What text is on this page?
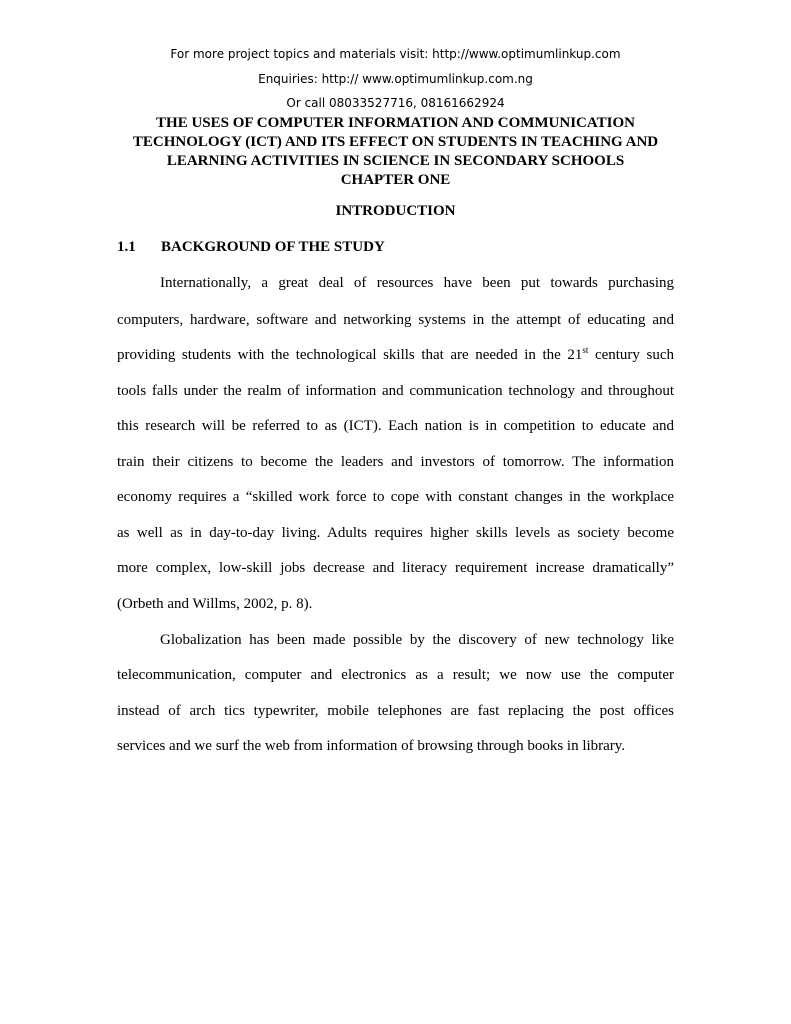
For more project topics and materials visit: http://www.optimumlinkup.com
Enquiries: http:// www.optimumlinkup.com.ng
Or call 08033527716, 08161662924
THE USES OF COMPUTER INFORMATION AND COMMUNICATION
TECHNOLOGY (ICT) AND ITS EFFECT ON STUDENTS IN TEACHING AND
LEARNING ACTIVITIES IN SCIENCE IN SECONDARY SCHOOLS
CHAPTER ONE
INTRODUCTION
1.1 BACKGROUND OF THE STUDY
Internationally, a great deal of resources have been put towards purchasing
computers, hardware, software and networking systems in the attempt of educating and
providing students with the technological skills that are needed in the 21st century such
tools falls under the realm of information and communication technology and throughout
this research will be referred to as (ICT). Each nation is in competition to educate and
train their citizens to become the leaders and investors of tomorrow. The information
economy requires a “skilled work force to cope with constant changes in the workplace
as well as in day-to-day living. Adults requires higher skills levels as society become
more complex, low-skill jobs decrease and literacy requirement increase dramatically”
(Orbeth and Willms, 2002, p. 8).
Globalization has been made possible by the discovery of new technology like
telecommunication, computer and electronics as a result; we now use the computer
instead of arch tics typewriter, mobile telephones are fast replacing the post offices
services and we surf the web from information of browsing through books in library.
